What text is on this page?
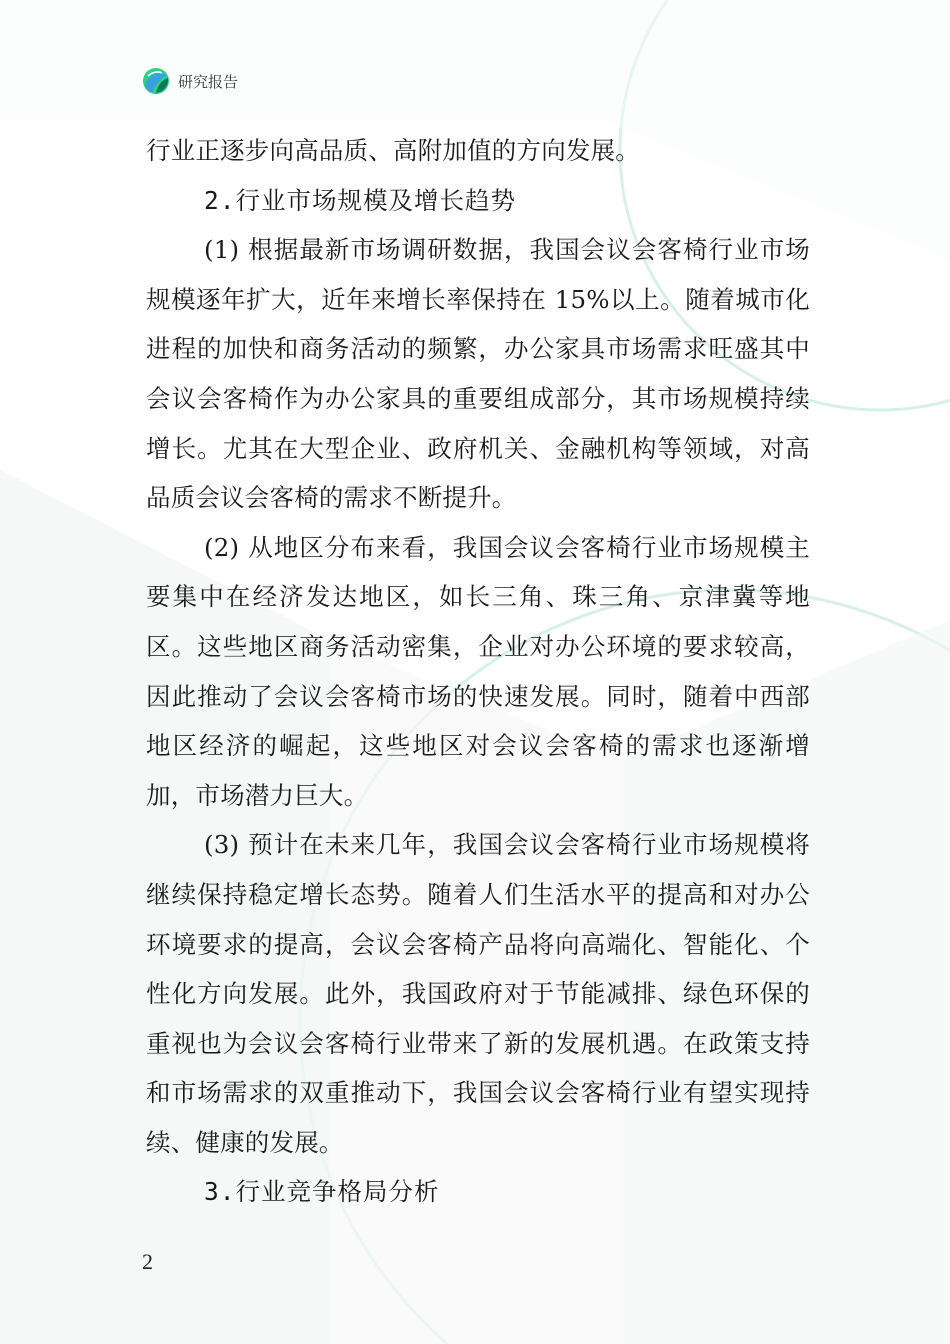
研究报告

行业正逐步向高品质、高附加值的方向发展。

2.行业市场规模及增长趋势

(1) 根据最新市场调研数据，我国会议会客椅行业市场规模逐年扩大，近年来增长率保持在 15%以上。随着城市化进程的加快和商务活动的频繁，办公家具市场需求旺盛其中会议会客椅作为办公家具的重要组成部分，其市场规模持续增长。尤其在大型企业、政府机关、金融机构等领域，对高品质会议会客椅的需求不断提升。

(2) 从地区分布来看，我国会议会客椅行业市场规模主要集中在经济发达地区，如长三角、珠三角、京津冀等地区。这些地区商务活动密集，企业对办公环境的要求较高，因此推动了会议会客椅市场的快速发展。同时，随着中西部地区经济的崛起，这些地区对会议会客椅的需求也逐渐增加，市场潜力巨大。

(3) 预计在未来几年，我国会议会客椅行业市场规模将继续保持稳定增长态势。随着人们生活水平的提高和对办公环境要求的提高，会议会客椅产品将向高端化、智能化、个性化方向发展。此外，我国政府对于节能减排、绿色环保的重视也为会议会客椅行业带来了新的发展机遇。在政策支持和市场需求的双重推动下，我国会议会客椅行业有望实现持续、健康的发展。

3.行业竞争格局分析

2
